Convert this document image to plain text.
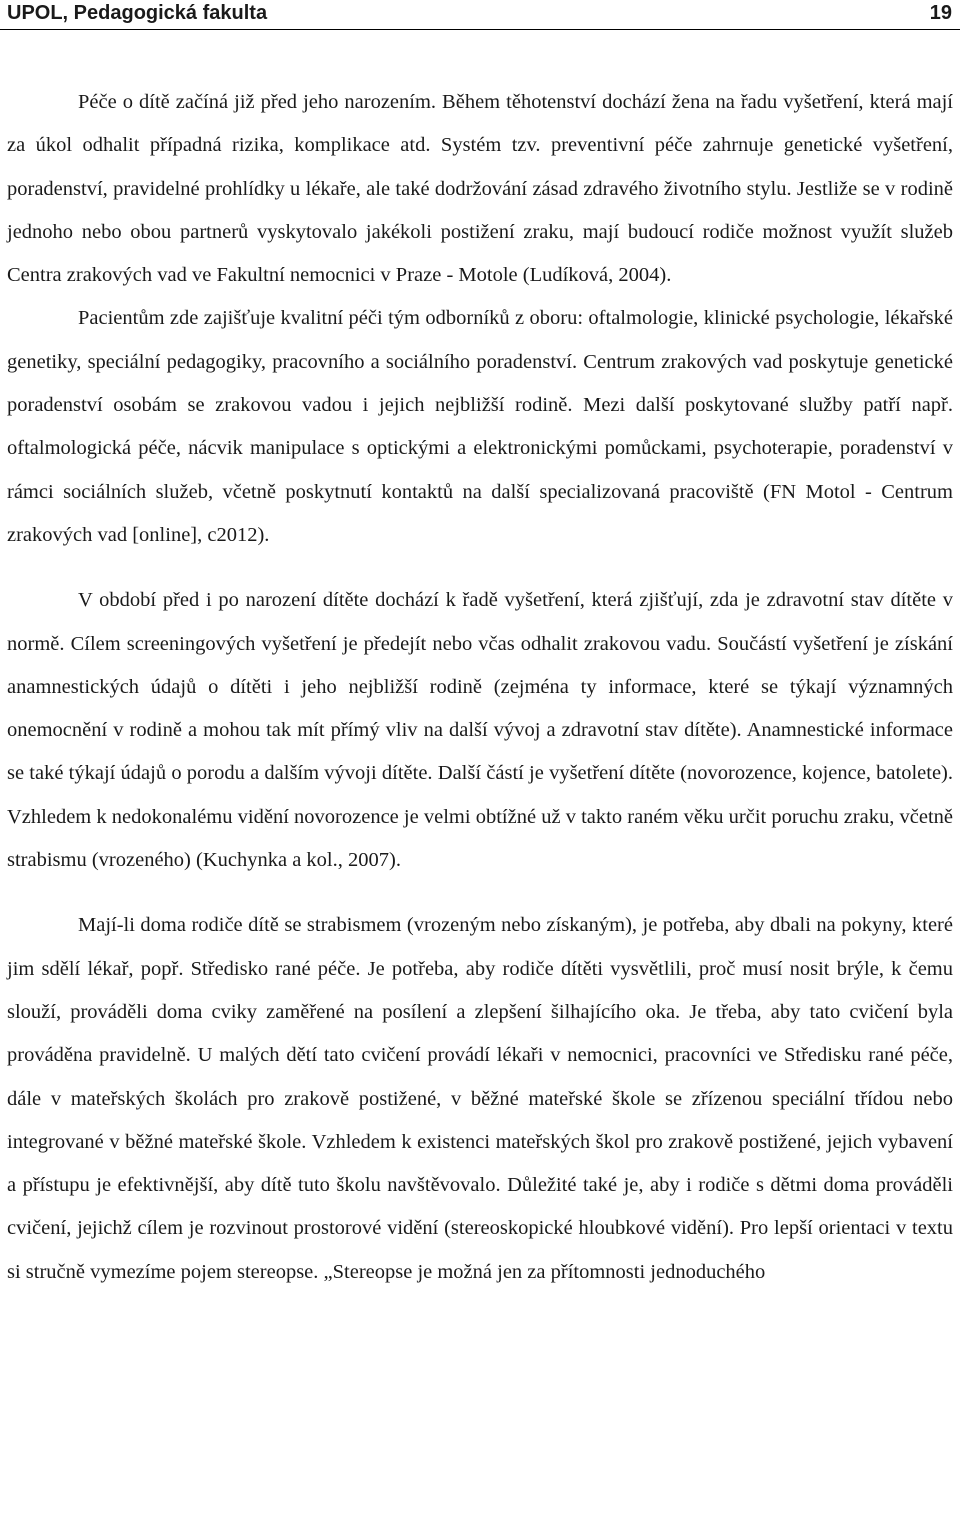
UPOL, Pedagogická fakulta	19

Péče o dítě začíná již před jeho narozením. Během těhotenství dochází žena na řadu vyšetření, která mají za úkol odhalit případná rizika, komplikace atd. Systém tzv. preventivní péče zahrnuje genetické vyšetření, poradenství, pravidelné prohlídky u lékaře, ale také dodržování zásad zdravého životního stylu. Jestliže se v rodině jednoho nebo obou partnerů vyskytovalo jakékoli postižení zraku, mají budoucí rodiče možnost využít služeb Centra zrakových vad ve Fakultní nemocnici v Praze - Motole (Ludíková, 2004).

Pacientům zde zajišťuje kvalitní péči tým odborníků z oboru: oftalmologie, klinické psychologie, lékařské genetiky, speciální pedagogiky, pracovního a sociálního poradenství. Centrum zrakových vad poskytuje genetické poradenství osobám se zrakovou vadou i jejich nejbližší rodině. Mezi další poskytované služby patří např. oftalmologická péče, nácvik manipulace s optickými a elektronickými pomůckami, psychoterapie, poradenství v rámci sociálních služeb, včetně poskytnutí kontaktů na další specializovaná pracoviště (FN Motol - Centrum zrakových vad [online], c2012).

V období před i po narození dítěte dochází k řadě vyšetření, která zjišťují, zda je zdravotní stav dítěte v normě. Cílem screeningových vyšetření je předejít nebo včas odhalit zrakovou vadu. Součástí vyšetření je získání anamnestických údajů o dítěti i jeho nejbližší rodině (zejména ty informace, které se týkají významných onemocnění v rodině a mohou tak mít přímý vliv na další vývoj a zdravotní stav dítěte). Anamnestické informace se také týkají údajů o porodu a dalším vývoji dítěte. Další částí je vyšetření dítěte (novorozence, kojence, batolete). Vzhledem k nedokonalému vidění novorozence je velmi obtížné už v takto raném věku určit poruchu zraku, včetně strabismu (vrozeného) (Kuchynka a kol., 2007).

Mají-li doma rodiče dítě se strabismem (vrozeným nebo získaným), je potřeba, aby dbali na pokyny, které jim sdělí lékař, popř. Středisko rané péče. Je potřeba, aby rodiče dítěti vysvětlili, proč musí nosit brýle, k čemu slouží, prováděli doma cviky zaměřené na posílení a zlepšení šilhajícího oka. Je třeba, aby tato cvičení byla prováděna pravidelně. U malých dětí tato cvičení provádí lékaři v nemocnici, pracovníci ve Středisku rané péče, dále v mateřských školách pro zrakově postižené, v běžné mateřské škole se zřízenou speciální třídou nebo integrované v běžné mateřské škole. Vzhledem k existenci mateřských škol pro zrakově postižené, jejich vybavení a přístupu je efektivnější, aby dítě tuto školu navštěvovalo. Důležité také je, aby i rodiče s dětmi doma prováděli cvičení, jejichž cílem je rozvinout prostorové vidění (stereoskopické hloubkové vidění). Pro lepší orientaci v textu si stručně vymezíme pojem stereopse. „Stereopse je možná jen za přítomnosti jednoduchého
